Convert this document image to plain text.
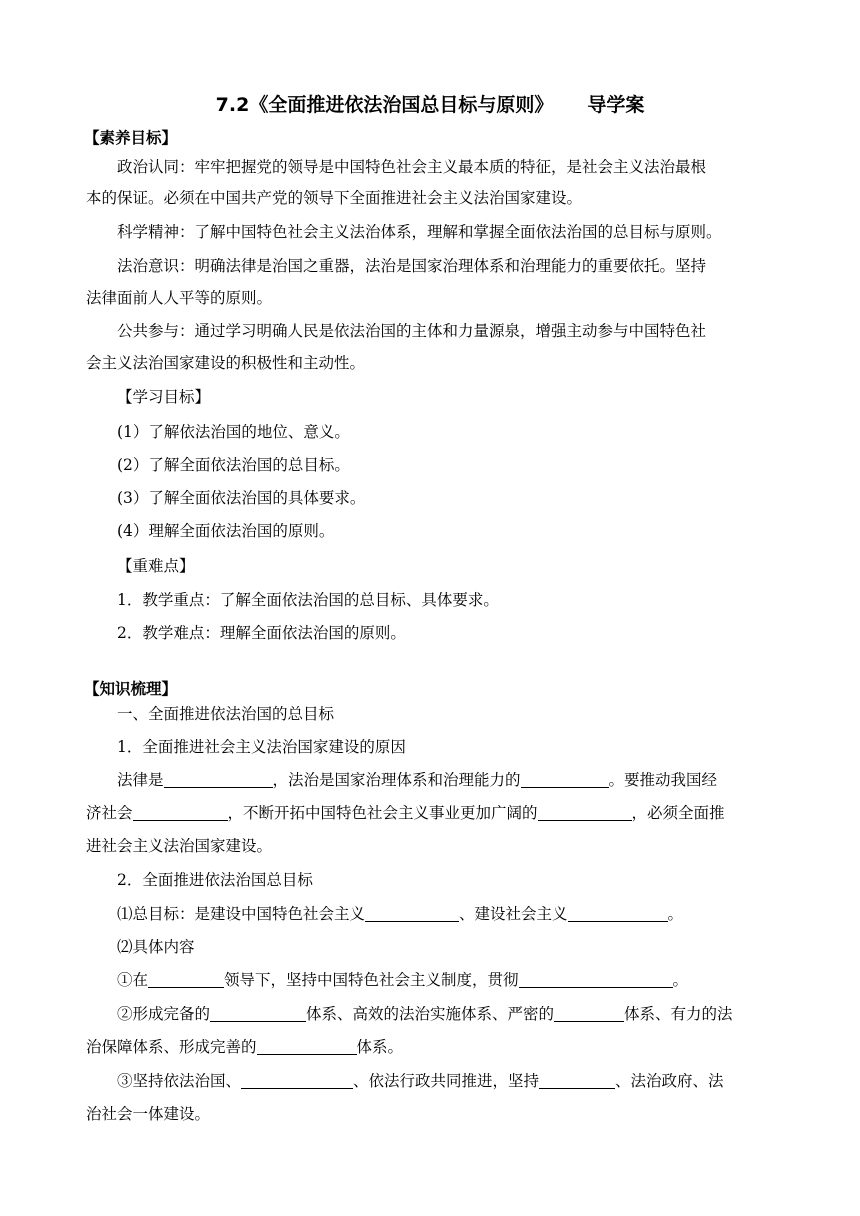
7.2《全面推进依法治国总目标与原则》 导学案
【素养目标】
政治认同：牢牢把握党的领导是中国特色社会主义最本质的特征，是社会主义法治最根
本的保证。必须在中国共产党的领导下全面推进社会主义法治国家建设。
科学精神：了解中国特色社会主义法治体系，理解和掌握全面依法治国的总目标与原则。
法治意识：明确法律是治国之重器，法治是国家治理体系和治理能力的重要依托。坚持
法律面前人人平等的原则。
公共参与：通过学习明确人民是依法治国的主体和力量源泉，增强主动参与中国特色社
会主义法治国家建设的积极性和主动性。
【学习目标】
(1）了解依法治国的地位、意义。
(2）了解全面依法治国的总目标。
(3）了解全面依法治国的具体要求。
(4）理解全面依法治国的原则。
【重难点】
1．教学重点：了解全面依法治国的总目标、具体要求。
2．教学难点：理解全面依法治国的原则。
【知识梳理】
一、全面推进依法治国的总目标
1．全面推进社会主义法治国家建设的原因
法律是	，法治是国家治理体系和治理能力的	。要推动我国经
济社会	，不断开拓中国特色社会主义事业更加广阔的	，必须全面推
进社会主义法治国家建设。
2．全面推进依法治国总目标
⑴总目标：是建设中国特色社会主义	、建设社会主义	。
⑵具体内容
①在	领导下，坚持中国特色社会主义制度，贯彻	。
②形成完备的	体系、高效的法治实施体系、严密的	体系、有力的法
治保障体系、形成完善的	体系。
③坚持依法治国、	、依法行政共同推进，坚持	、法治政府、法
治社会一体建设。
